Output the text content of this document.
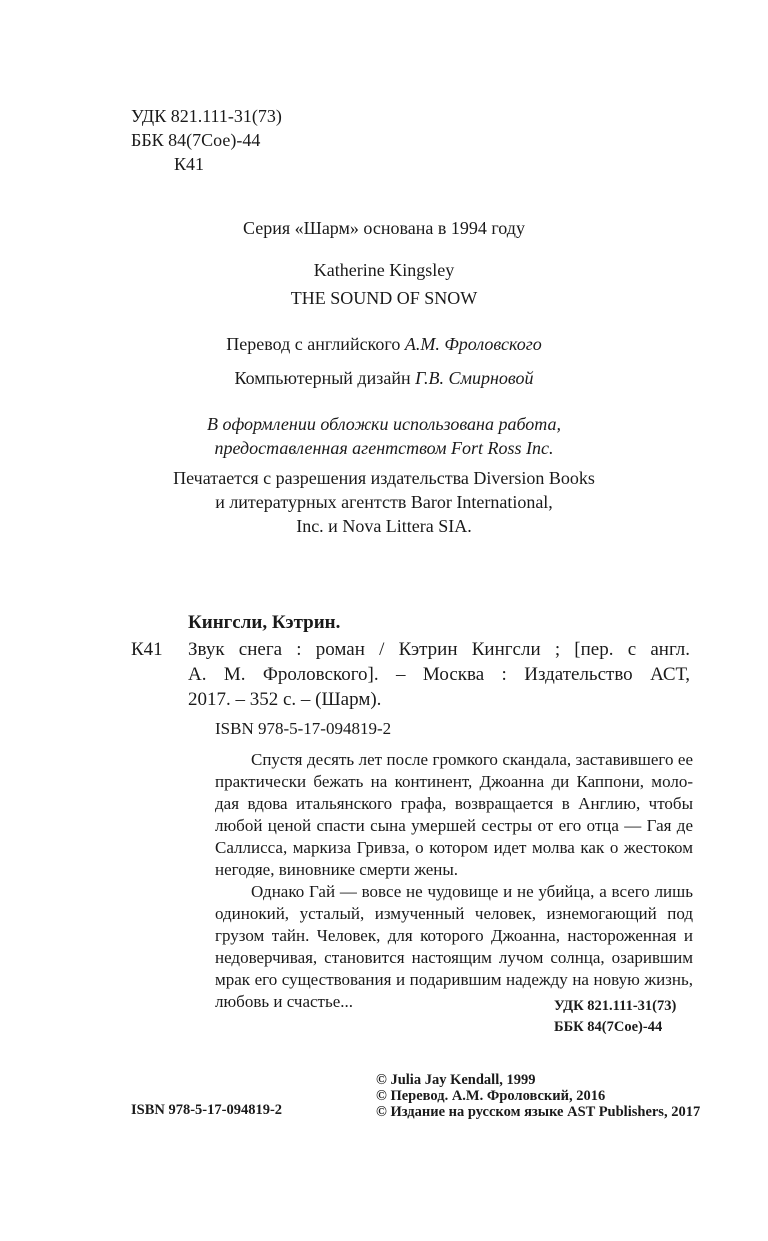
УДК 821.111-31(73)
ББК 84(7Сое)-44
К41
Серия «Шарм» основана в 1994 году
Katherine Kingsley
THE SOUND OF SNOW
Перевод с английского А.М. Фроловского
Компьютерный дизайн Г.В. Смирновой
В оформлении обложки использована работа,
предоставленная агентством Fort Ross Inc.
Печатается с разрешения издательства Diversion Books
и литературных агентств Baror International,
Inc. и Nova Littera SIA.
Кингсли, Кэтрин.
К41 Звук снега : роман / Кэтрин Кингсли ; [пер. с англ.
А. М. Фроловского]. – Москва : Издательство АСТ,
2017. – 352 с. – (Шарм).
ISBN 978-5-17-094819-2

Спустя десять лет после громкого скандала, заставившего ее
практически бежать на континент, Джоанна ди Каппони, моло-
дая вдова итальянского графа, возвращается в Англию, чтобы
любой ценой спасти сына умершей сестры от его отца — Гая де
Саллисса, маркиза Гривза, о котором идет молва как о жестоком
негодяе, виновнике смерти жены.

Однако Гай — вовсе не чудовище и не убийца, а всего лишь
одинокий, усталый, измученный человек, изнемогающий под
грузом тайн. Человек, для которого Джоанна, настороженная и
недоверчивая, становится настоящим лучом солнца, озарившим
мрак его существования и подарившим надежду на новую жизнь,
любовь и счастье...	УДК 821.111-31(73)
ББК 84(7Сое)-44
ISBN 978-5-17-094819-2
© Julia Jay Kendall, 1999
© Перевод. А.М. Фроловский, 2016
© Издание на русском языке AST Publishers, 2017
